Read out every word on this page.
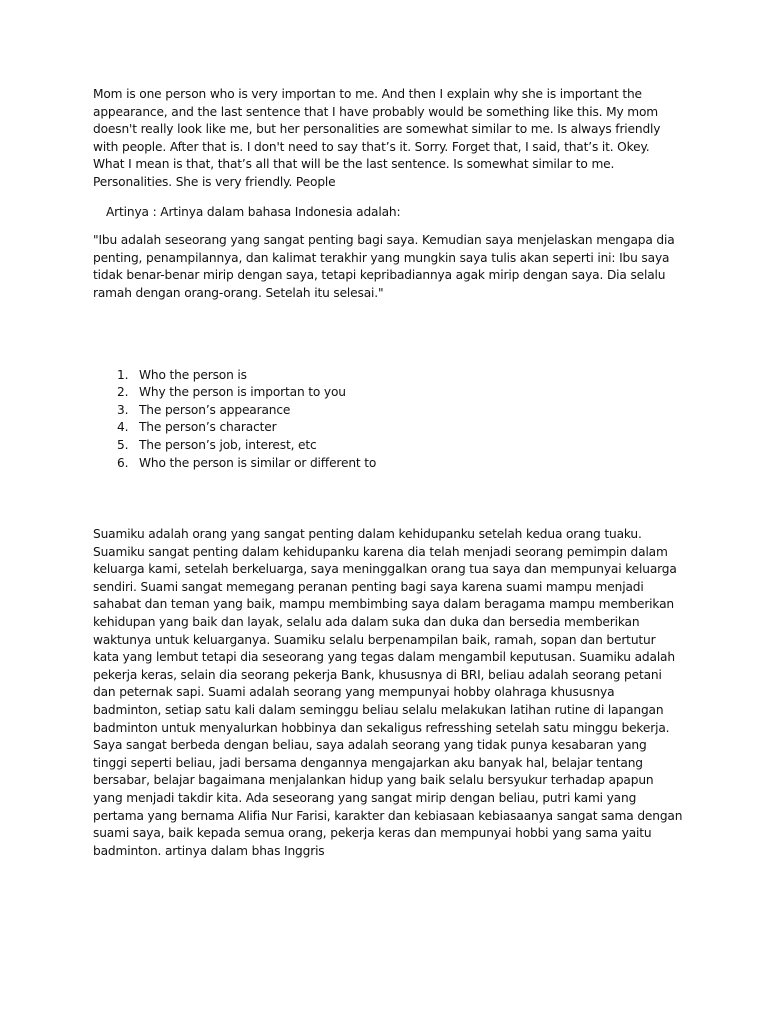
Mom is one person who is very importan to me. And then I explain why she is important the appearance, and the last sentence that I have probably would be something like this. My mom doesn't really look like me, but her personalities are somewhat similar to me. Is always friendly with people. After that is. I don't need to say that’s it. Sorry. Forget that, I said, that’s it. Okey. What I mean is that, that’s all that will be the last sentence. Is somewhat similar to me. Personalities. She is very friendly. People

Artinya : Artinya dalam bahasa Indonesia adalah:

"Ibu adalah seseorang yang sangat penting bagi saya. Kemudian saya menjelaskan mengapa dia penting, penampilannya, dan kalimat terakhir yang mungkin saya tulis akan seperti ini: Ibu saya tidak benar-benar mirip dengan saya, tetapi kepribadiannya agak mirip dengan saya. Dia selalu ramah dengan orang-orang. Setelah itu selesai."

Who the person is
Why the person is importan to you
The person’s appearance
The person’s character
The person’s job, interest, etc
Who the person is similar or different to

Suamiku adalah orang yang sangat penting dalam kehidupanku setelah kedua orang tuaku. Suamiku sangat penting dalam kehidupanku karena dia telah menjadi seorang pemimpin dalam keluarga kami, setelah berkeluarga, saya meninggalkan orang tua saya dan mempunyai keluarga sendiri. Suami sangat memegang peranan penting bagi saya karena suami mampu menjadi sahabat dan teman yang baik, mampu membimbing saya dalam beragama mampu memberikan kehidupan yang baik dan layak, selalu ada dalam suka dan duka dan bersedia memberikan waktunya untuk keluarganya. Suamiku selalu berpenampilan baik, ramah, sopan dan bertutur kata yang lembut tetapi dia seseorang yang tegas dalam mengambil keputusan. Suamiku adalah pekerja keras, selain dia seorang pekerja Bank, khususnya di BRI, beliau adalah seorang petani dan peternak sapi. Suami adalah seorang yang mempunyai hobby olahraga khususnya badminton, setiap satu kali dalam seminggu beliau selalu melakukan latihan rutine di lapangan badminton untuk menyalurkan hobbinya dan sekaligus refresshing setelah satu minggu bekerja. Saya sangat berbeda dengan beliau, saya adalah seorang yang tidak punya kesabaran yang tinggi seperti beliau, jadi bersama dengannya mengajarkan aku banyak hal, belajar tentang bersabar, belajar bagaimana menjalankan hidup yang baik selalu bersyukur terhadap apapun yang menjadi takdir kita. Ada seseorang yang sangat mirip dengan beliau, putri kami yang pertama yang bernama Alifia Nur Farisi, karakter dan kebiasaan kebiasaanya sangat sama dengan suami saya, baik kepada semua orang, pekerja keras dan mempunyai hobbi yang sama yaitu badminton. artinya dalam bhas Inggris
